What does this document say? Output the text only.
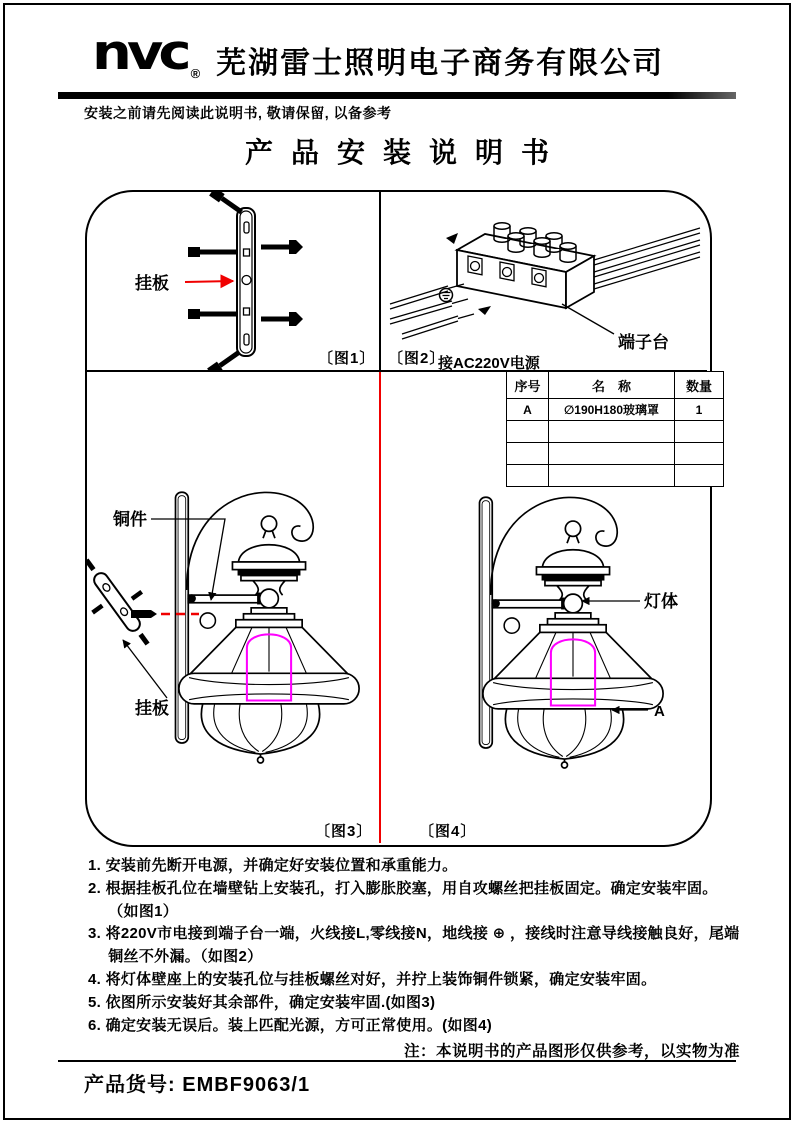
nvc ® 芜湖雷士照明电子商务有限公司
安装之前请先阅读此说明书, 敬请保留, 以备参考
产品安装说明书
挂板
端子台
接AC220V电源
铜件
挂板
灯体
A
〔图1〕 〔图2〕
〔图3〕	〔图4〕
序号	名　称	数量
A	∅190H180玻璃罩	1

1. 安装前先断开电源，并确定好安装位置和承重能力。
2. 根据挂板孔位在墙壁钻上安装孔，打入膨胀胶塞，用自攻螺丝把挂板固定。确定安装牢固。（如图1）
3. 将220V市电接到端子台一端，火线接L,零线接N，地线接 ⊕ ，接线时注意导线接触良好，尾端铜丝不外漏。（如图2）
4. 将灯体壁座上的安装孔位与挂板螺丝对好，并拧上装饰铜件锁紧，确定安装牢固。
5. 依图所示安装好其余部件，确定安装牢固.(如图3)
6. 确定安装无误后。装上匹配光源，方可正常使用。(如图4)
注：本说明书的产品图形仅供参考，以实物为准
产品货号: EMBF9063/1
